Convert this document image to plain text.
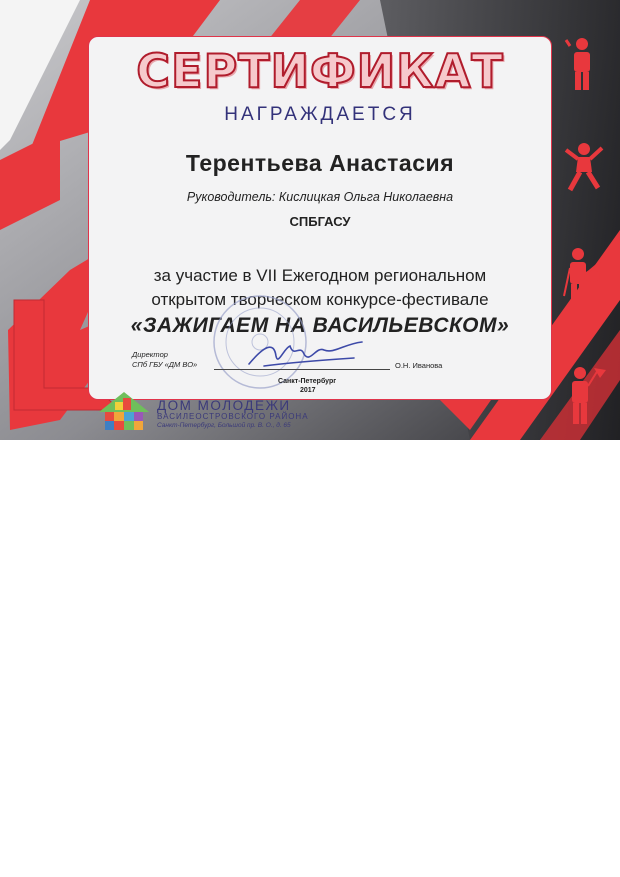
СЕРТИФИКАТ
НАГРАЖДАЕТСЯ
Терентьева Анастасия
Руководитель: Кислицкая Ольга Николаевна
СПБГАСУ
за участие в VII Ежегодном региональном
открытом творческом конкурсе-фестивале
«ЗАЖИГАЕМ НА ВАСИЛЬЕВСКОМ»
Директор
СПб ГБУ «ДМ ВО»	О.Н. Иванова
Санкт-Петербург
2017
ДОМ МОЛОДЕЖИ
ВАСИЛЕОСТРОВСКОГО РАЙОНА
Санкт-Петербург, Большой пр. В. О., д. 65
